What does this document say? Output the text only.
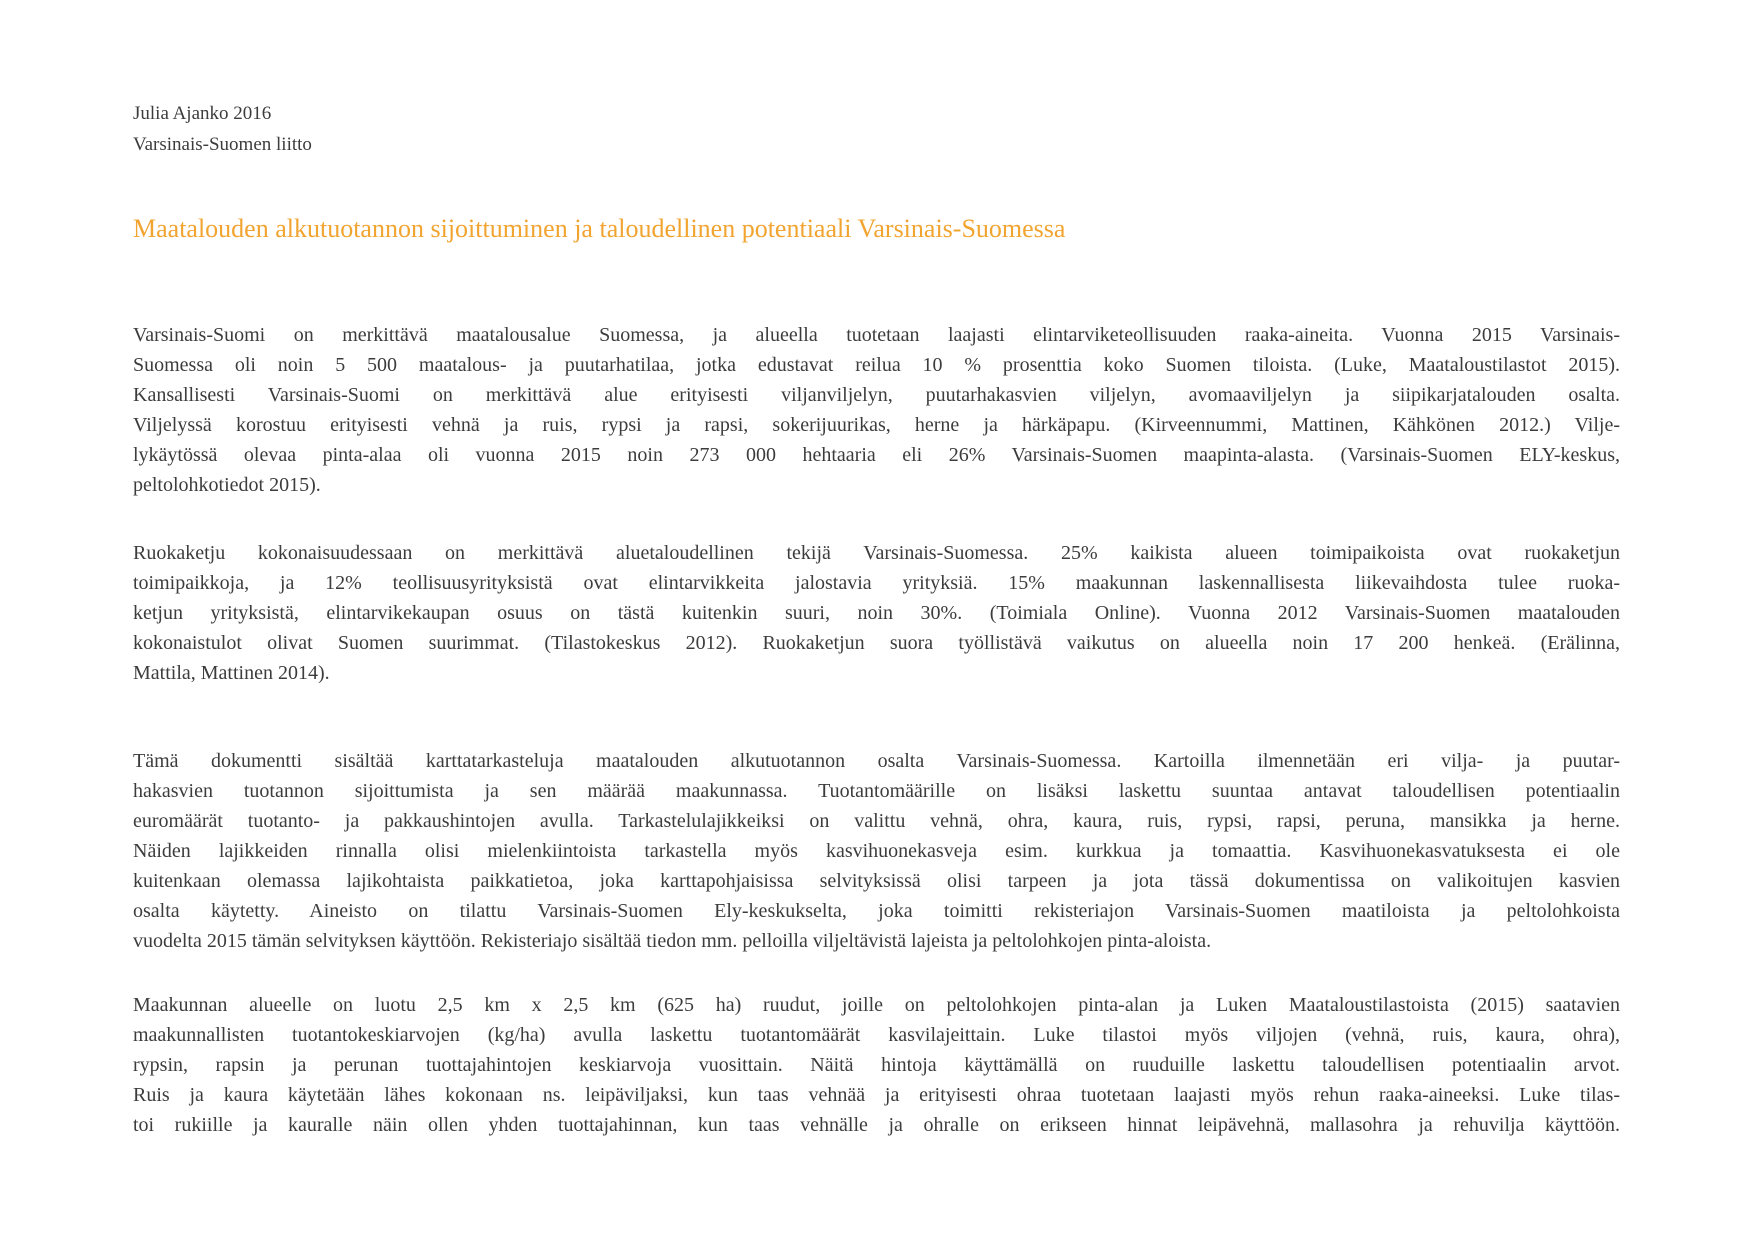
Julia Ajanko 2016
Varsinais-Suomen liitto
Maatalouden alkutuotannon sijoittuminen ja taloudellinen potentiaali Varsinais-Suomessa
Varsinais-Suomi on merkittävä maatalousalue Suomessa, ja alueella tuotetaan laajasti elintarviketeollisuuden raaka-aineita. Vuonna 2015 Varsinais-
Suomessa oli noin 5 500 maatalous- ja puutarhatilaa, jotka edustavat reilua 10 % prosenttia koko Suomen tiloista. (Luke, Maataloustilastot 2015).
Kansallisesti Varsinais-Suomi on merkittävä alue erityisesti viljanviljelyn, puutarhakasvien viljelyn, avomaaviljelyn ja siipikarjatalouden osalta.
Viljelyssä korostuu erityisesti vehnä ja ruis, rypsi ja rapsi, sokerijuurikas, herne ja härkäpapu. (Kirveennummi, Mattinen, Kähkönen 2012.) Vilje-
lykäytössä olevaa pinta-alaa oli vuonna 2015 noin 273 000 hehtaaria eli 26% Varsinais-Suomen maapinta-alasta. (Varsinais-Suomen ELY-keskus,
peltolohkotiedot 2015).
Ruokaketju kokonaisuudessaan on merkittävä aluetaloudellinen tekijä Varsinais-Suomessa. 25% kaikista alueen toimipaikoista ovat ruokaketjun
toimipaikkoja, ja 12% teollisuusyrityksistä ovat elintarvikkeita jalostavia yrityksiä. 15% maakunnan laskennallisesta liikevaihdosta tulee ruoka-
ketjun yrityksistä, elintarvikekaupan osuus on tästä kuitenkin suuri, noin 30%. (Toimiala Online). Vuonna 2012 Varsinais-Suomen maatalouden
kokonaistulot olivat Suomen suurimmat. (Tilastokeskus 2012). Ruokaketjun suora työllistävä vaikutus on alueella noin 17 200 henkeä. (Erälinna,
Mattila, Mattinen 2014).
Tämä dokumentti sisältää karttatarkasteluja maatalouden alkutuotannon osalta Varsinais-Suomessa. Kartoilla ilmennetään eri vilja- ja puutar-
hakasvien tuotannon sijoittumista ja sen määrää maakunnassa. Tuotantomäärille on lisäksi laskettu suuntaa antavat taloudellisen potentiaalin
euromäärät tuotanto- ja pakkaushintojen avulla. Tarkastelulajikkeiksi on valittu vehnä, ohra, kaura, ruis, rypsi, rapsi, peruna, mansikka ja herne.
Näiden lajikkeiden rinnalla olisi mielenkiintoista tarkastella myös kasvihuonekasveja esim. kurkkua ja tomaattia. Kasvihuonekasvatuksesta ei ole
kuitenkaan olemassa lajikohtaista paikkatietoa, joka karttapohjaisissa selvityksissä olisi tarpeen ja jota tässä dokumentissa on valikoitujen kasvien
osalta käytetty. Aineisto on tilattu Varsinais-Suomen Ely-keskukselta, joka toimitti rekisteriajon Varsinais-Suomen maatiloista ja peltolohkoista
vuodelta 2015 tämän selvityksen käyttöön. Rekisteriajo sisältää tiedon mm. pelloilla viljeltävistä lajeista ja peltolohkojen pinta-aloista.
Maakunnan alueelle on luotu 2,5 km x 2,5 km (625 ha) ruudut, joille on peltolohkojen pinta-alan ja Luken Maataloustilastoista (2015) saatavien
maakunnallisten tuotantokeskiarvojen (kg/ha) avulla laskettu tuotantomäärät kasvilajeittain. Luke tilastoi myös viljojen (vehnä, ruis, kaura, ohra),
rypsin, rapsin ja perunan tuottajahintojen keskiarvoja vuosittain. Näitä hintoja käyttämällä on ruuduille laskettu taloudellisen potentiaalin arvot.
Ruis ja kaura käytetään lähes kokonaan ns. leipäviljaksi, kun taas vehnää ja erityisesti ohraa tuotetaan laajasti myös rehun raaka-aineeksi. Luke tilas-
toi rukiille ja kauralle näin ollen yhden tuottajahinnan, kun taas vehnälle ja ohralle on erikseen hinnat leipävehnä, mallasohra ja rehuvilja käyttöön.
